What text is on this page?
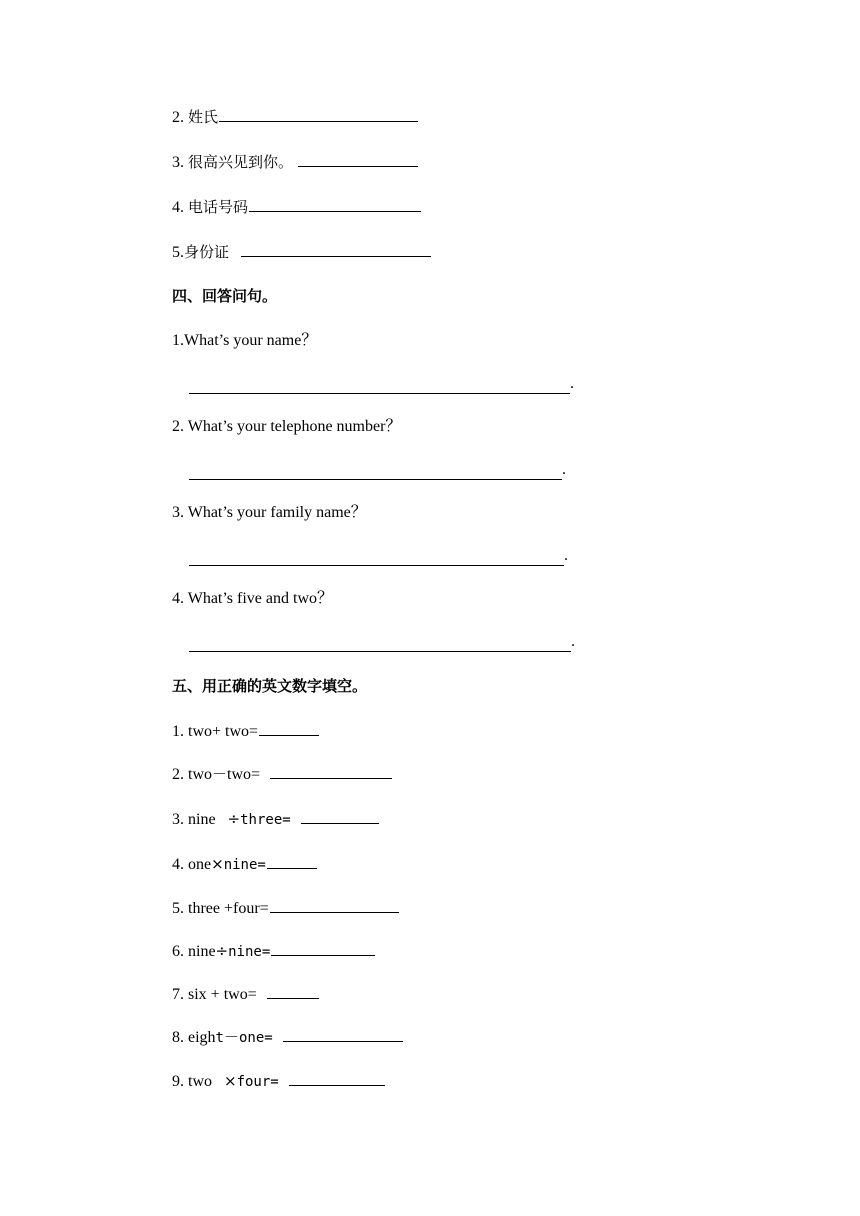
2. 姓氏
3. 很高兴见到你。
4. 电话号码
5.身份证
四、回答问句。
1.What’s your name？
.
2. What’s your telephone number？
.
3. What’s your family name？
.
4. What’s five and two？
.
五、用正确的英文数字填空。
1. two+ two=
2. two－two=
3. nine ÷three=
4. one×nine=
5. three +four=
6. nine÷nine=
7. six + two=
8. eight－one=
9. two ×four=
